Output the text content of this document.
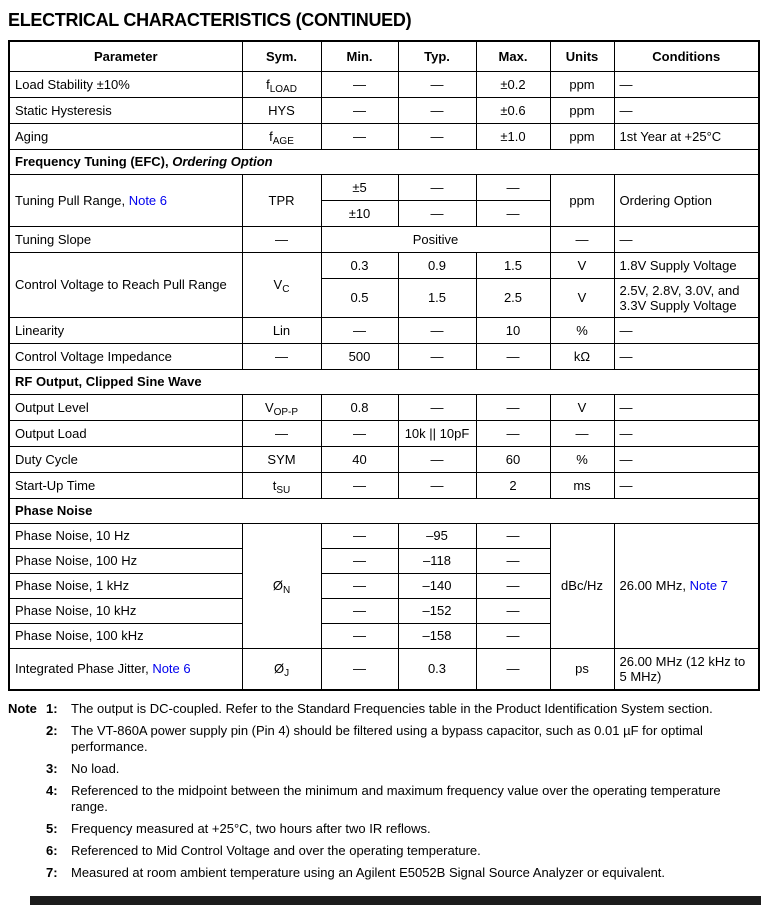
ELECTRICAL CHARACTERISTICS (CONTINUED)
Parameter	Sym.	Min.	Typ.	Max.	Units	Conditions
Load Stability ±10%	$f_{LOAD}$	—	—	±0.2	ppm	—
Static Hysteresis	HYS	—	—	±0.6	ppm	—
Aging	$f_{AGE}$	—	—	±1.0	ppm	1st Year at +25°C
Frequency Tuning (EFC), Ordering Option						
Tuning Pull Range, Note 6	TPR	±5	—	—	ppm	Ordering Option
		±10	—	—		
Tuning Slope	—	Positive			—	—
Control Voltage to Reach Pull Range	$V_C$	0.3	0.9	1.5	V	1.8V Supply Voltage
		0.5	1.5	2.5	V	2.5V, 2.8V, 3.0V, and 3.3V Supply Voltage
Linearity	Lin	—	—	10	%	—
Control Voltage Impedance	—	500	—	—	kΩ	—
RF Output, Clipped Sine Wave						
Output Level	$V_{OP-P}$	0.8	—	—	V	—
Output Load	—	—	10k || 10pF	—	—	—
Duty Cycle	SYM	40	—	60	%	—
Start-Up Time	$t_{SU}$	—	—	2	ms	—
Phase Noise						
Phase Noise, 10 Hz	$Ø_N$	—	–95	—	dBc/Hz	26.00 MHz, Note 7
Phase Noise, 100 Hz		—	–118	—		
Phase Noise, 1 kHz		—	–140	—		
Phase Noise, 10 kHz		—	–152	—		
Phase Noise, 100 kHz		—	–158	—		
Integrated Phase Jitter, Note 6	$Ø_J$	—	0.3	—	ps	26.00 MHz (12 kHz to 5 MHz)
Note 1:	The output is DC-coupled. Refer to the Standard Frequencies table in the Product Identification System section.
2:	The VT-860A power supply pin (Pin 4) should be filtered using a bypass capacitor, such as 0.01 µF for optimal performance.
3:	No load.
4:	Referenced to the midpoint between the minimum and maximum frequency value over the operating temperature range.
5:	Frequency measured at +25°C, two hours after two IR reflows.
6:	Referenced to Mid Control Voltage and over the operating temperature.
7:	Measured at room ambient temperature using an Agilent E5052B Signal Source Analyzer or equivalent.
